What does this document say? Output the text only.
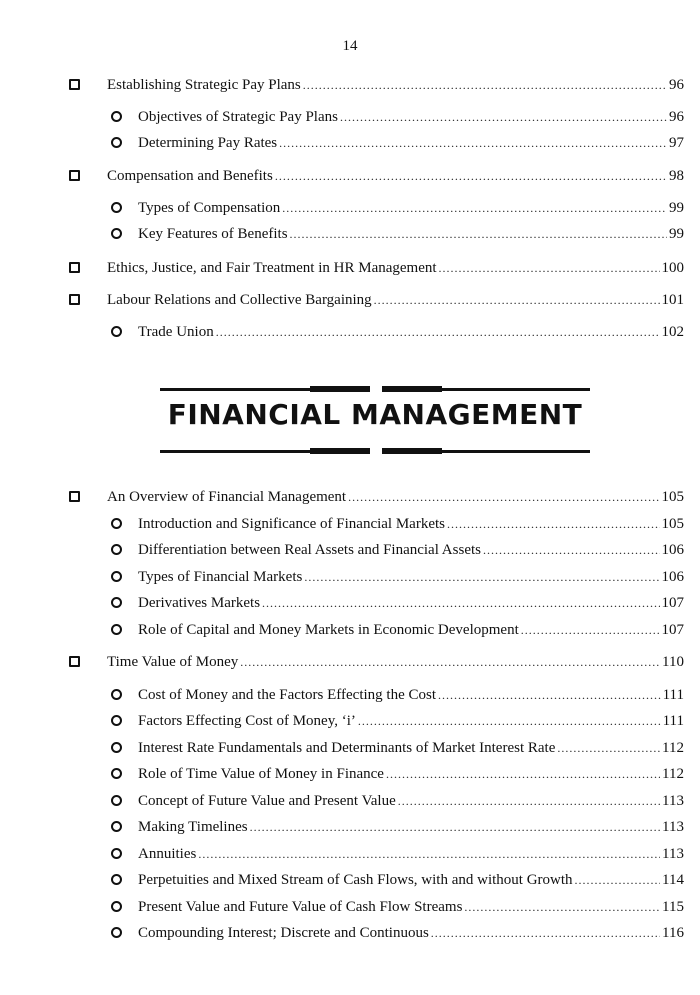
14
Establishing Strategic Pay Plans .....	96
Objectives of Strategic Pay Plans .....	96
Determining Pay Rates .....	97
Compensation and Benefits .....	98
Types of Compensation .....	99
Key Features of Benefits .....	99
Ethics, Justice, and Fair Treatment in HR Management .....	100
Labour Relations and Collective Bargaining .....	101
Trade Union .....	102
FINANCIAL MANAGEMENT
An Overview of Financial Management .....	105
Introduction and Significance of Financial Markets .....	105
Differentiation between Real Assets and Financial Assets .....	106
Types of Financial Markets .....	106
Derivatives Markets .....	107
Role of Capital and Money Markets in Economic Development .....	107
Time Value of Money .....	110
Cost of Money and the Factors Effecting the Cost .....	111
Factors Effecting Cost of Money, ‘i’ .....	111
Interest Rate Fundamentals and Determinants of Market Interest Rate .....	112
Role of Time Value of Money in Finance .....	112
Concept of Future Value and Present Value .....	113
Making Timelines .....	113
Annuities .....	113
Perpetuities and Mixed Stream of Cash Flows, with and without Growth .....	114
Present Value and Future Value of Cash Flow Streams .....	115
Compounding Interest; Discrete and Continuous .....	116
